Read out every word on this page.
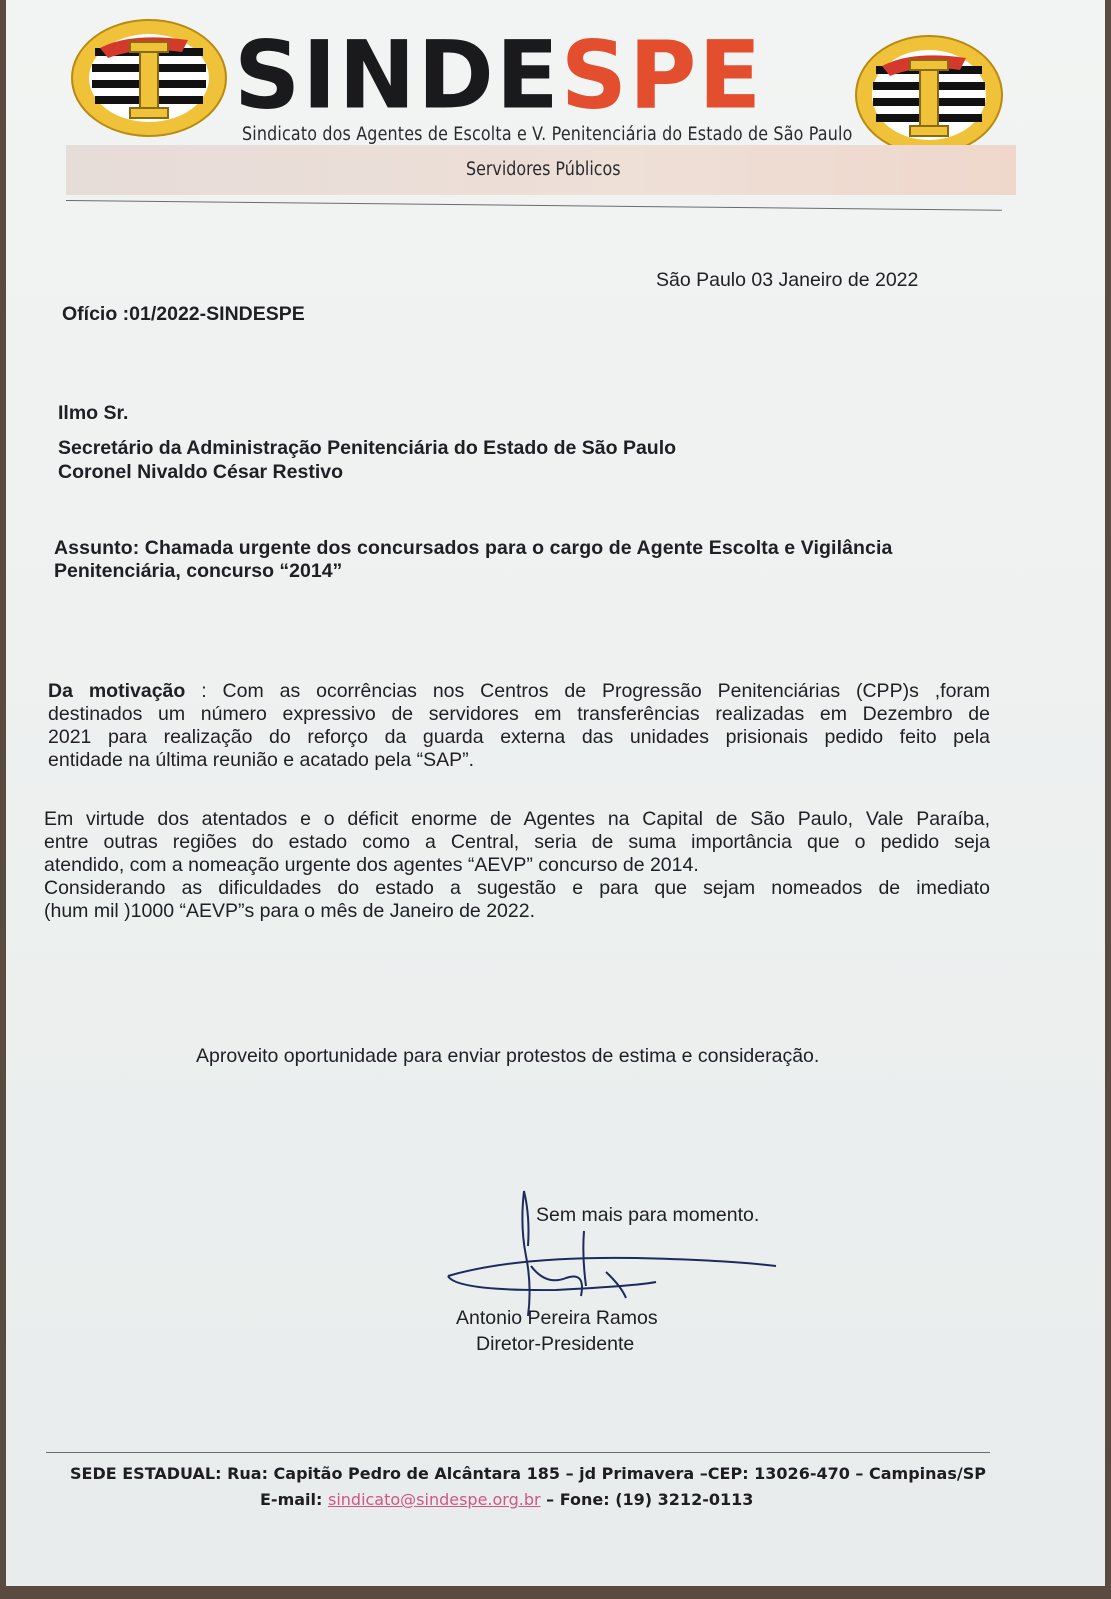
SINDESPE
Sindicato dos Agentes de Escolta e V. Penitenciária do Estado de São Paulo
Servidores Públicos
São Paulo 03 Janeiro de 2022
Ofício :01/2022-SINDESPE
Ilmo Sr.
Secretário da Administração Penitenciária do Estado de São Paulo
Coronel Nivaldo César Restivo
Assunto: Chamada urgente dos concursados para o cargo de Agente Escolta e Vigilância
Penitenciária, concurso “2014”
Da motivação : Com as ocorrências nos Centros de Progressão Penitenciárias (CPP)s ,foram
destinados um número expressivo de servidores em transferências realizadas em Dezembro de
2021 para realização do reforço da guarda externa das unidades prisionais pedido feito pela
entidade na última reunião e acatado pela “SAP”.
Em virtude dos atentados e o déficit enorme de Agentes na Capital de São Paulo, Vale Paraíba,
entre outras regiões do estado como a Central, seria de suma importância que o pedido seja
atendido, com a nomeação urgente dos agentes “AEVP” concurso de 2014.
Considerando as dificuldades do estado a sugestão e para que sejam nomeados de imediato
(hum mil )1000 “AEVP”s para o mês de Janeiro de 2022.
Aproveito oportunidade para enviar protestos de estima e consideração.
Sem mais para momento.
Antonio Pereira Ramos
Diretor-Presidente
SEDE ESTADUAL: Rua: Capitão Pedro de Alcântara 185 – jd Primavera –CEP: 13026-470 – Campinas/SP
E-mail: sindicato@sindespe.org.br – Fone: (19) 3212-0113
